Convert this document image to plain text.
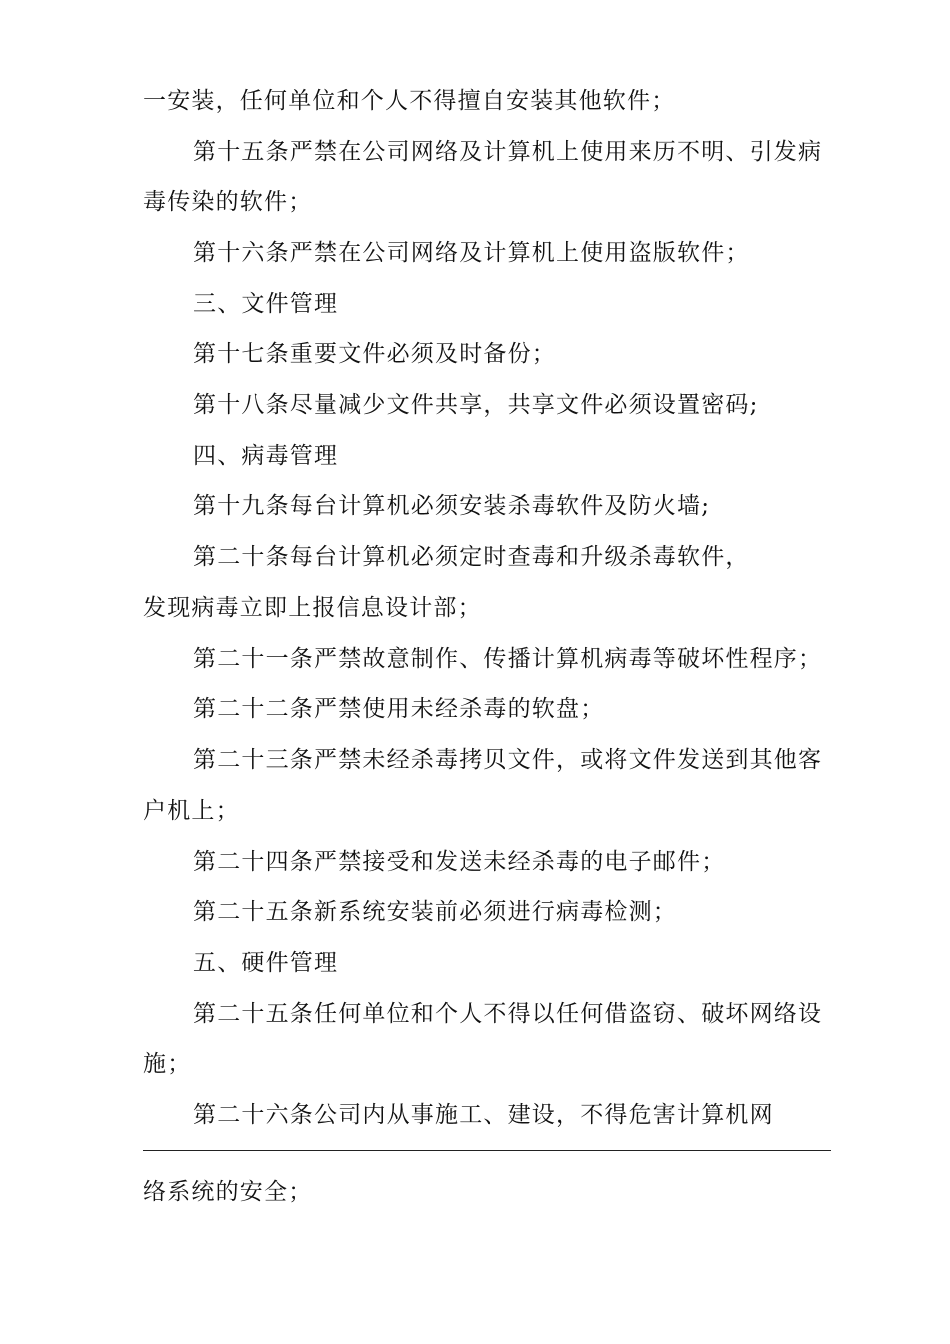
一安装，任何单位和个人不得擅自安装其他软件；
第十五条严禁在公司网络及计算机上使用来历不明、引发病
毒传染的软件；
第十六条严禁在公司网络及计算机上使用盗版软件；
三、文件管理
第十七条重要文件必须及时备份；
第十八条尽量减少文件共享，共享文件必须设置密码;
四、病毒管理
第十九条每台计算机必须安装杀毒软件及防火墙;
第二十条每台计算机必须定时查毒和升级杀毒软件，
发现病毒立即上报信息设计部；
第二十一条严禁故意制作、传播计算机病毒等破坏性程序；
第二十二条严禁使用未经杀毒的软盘；
第二十三条严禁未经杀毒拷贝文件，或将文件发送到其他客
户机上；
第二十四条严禁接受和发送未经杀毒的电子邮件；
第二十五条新系统安装前必须进行病毒检测；
五、硬件管理
第二十五条任何单位和个人不得以任何借盗窃、破坏网络设
施；
第二十六条公司内从事施工、建设，不得危害计算机网
络系统的安全；
